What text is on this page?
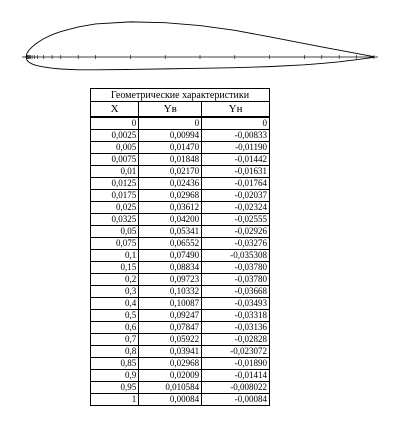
Геометрические характеристики		
X	Yв	Yн
0	0	0
0,0025	0,00994	-0,00833
0,005	0,01470	-0,01190
0,0075	0,01848	-0,01442
0,01	0,02170	-0,01631
0,0125	0,02436	-0,01764
0,0175	0,02968	-0,02037
0,025	0,03612	-0,02324
0,0325	0,04200	-0,02555
0,05	0,05341	-0,02926
0,075	0,06552	-0,03276
0,1	0,07490	-0,035308
0,15	0,08834	-0,03780
0,2	0,09723	-0,03780
0,3	0,10332	-0,03668
0,4	0,10087	-0,03493
0,5	0,09247	-0,03318
0,6	0,07847	-0,03136
0,7	0,05922	-0,02828
0,8	0,03941	-0,023072
0,85	0,02968	-0,01890
0,9	0,02009	-0,01414
0,95	0,010584	-0,008022
1	0,00084	-0,00084
